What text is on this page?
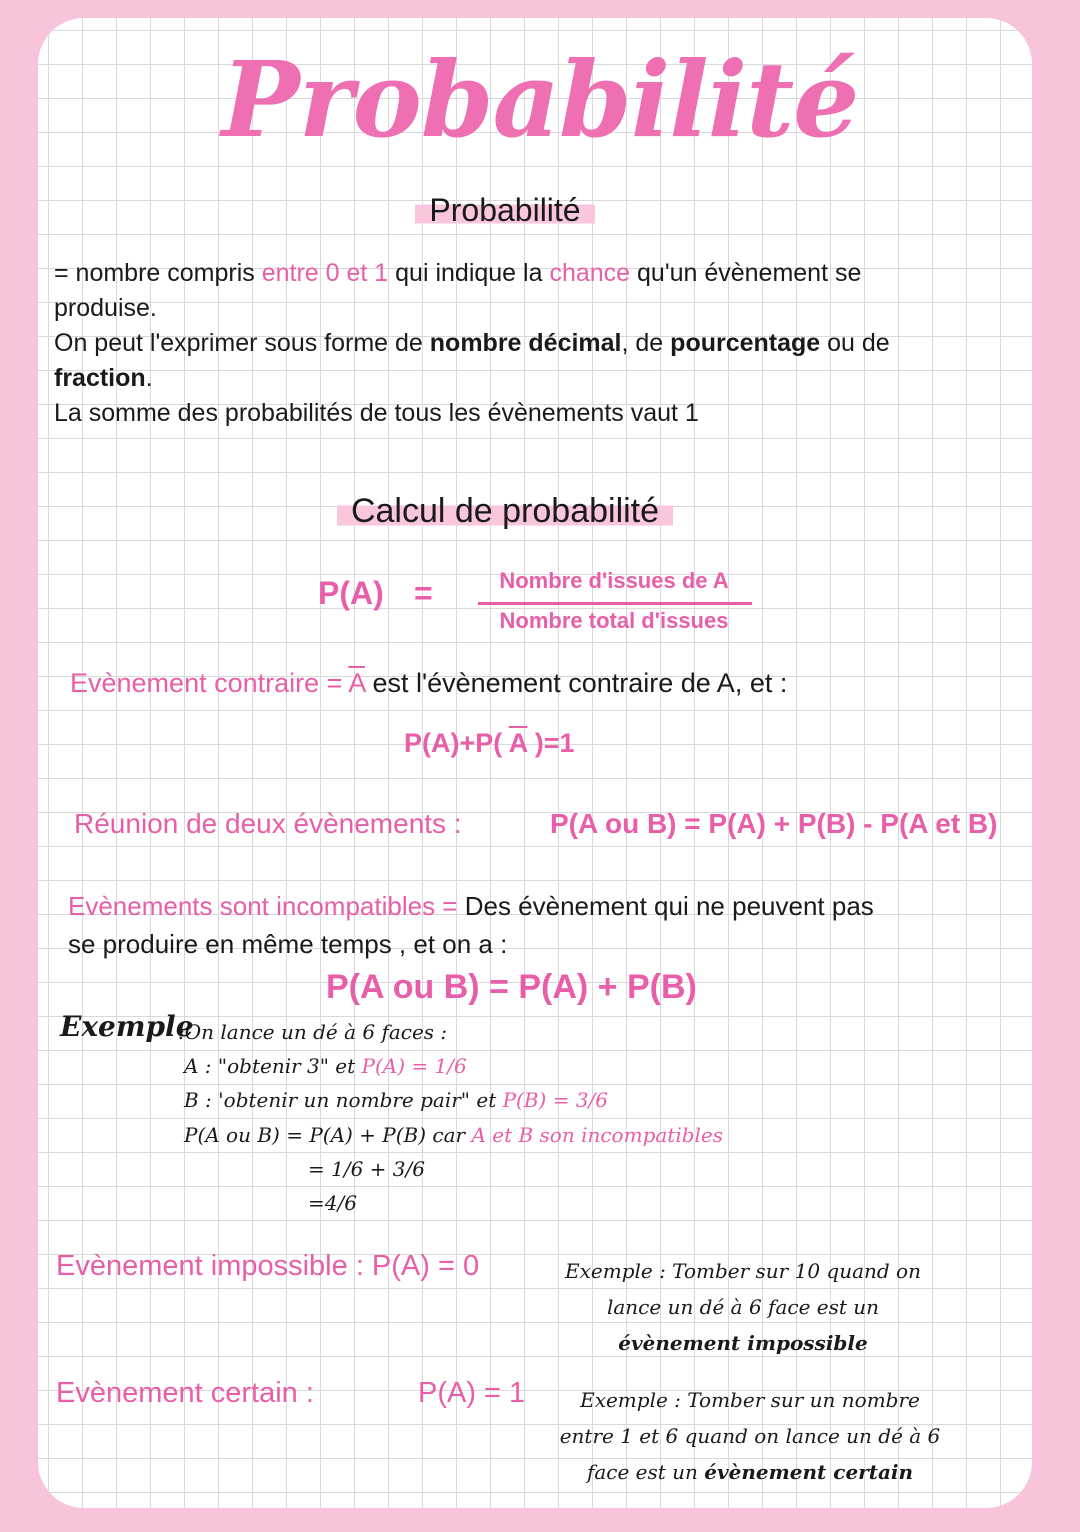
Probabilité
Probabilité
= nombre compris entre 0 et 1 qui indique la chance qu'un évènement se
produise.
On peut l'exprimer sous forme de nombre décimal, de pourcentage ou de
fraction.
La somme des probabilités de tous les évènements vaut 1
Calcul de probabilité
P(A) =	Nombre d'issues de A
Nombre total d'issues
Evènement contraire = $\overline{A}$ est l'évènement contraire de A, et :
P(A)+P( $\overline{A}$ )=1
Réunion de deux évènements :	P(A ou B) = P(A) + P(B) - P(A et B)
Evènements sont incompatibles = Des évènement qui ne peuvent pas
se produire en même temps , et on a :
P(A ou B) = P(A) + P(B)
Exemple
:On lance un dé à 6 faces :
A : "obtenir 3" et P(A) = 1/6
B : 'obtenir un nombre pair" et P(B) = 3/6
P(A ou B) = P(A) + P(B) car A et B son incompatibles
= 1/6 + 3/6
=4/6
Evènement impossible : P(A) = 0	Exemple : Tomber sur 10 quand on
lance un dé à 6 face est un
évènement impossible
Evènement certain :	P(A) = 1	Exemple : Tomber sur un nombre
entre 1 et 6 quand on lance un dé à 6
face est un évènement certain
